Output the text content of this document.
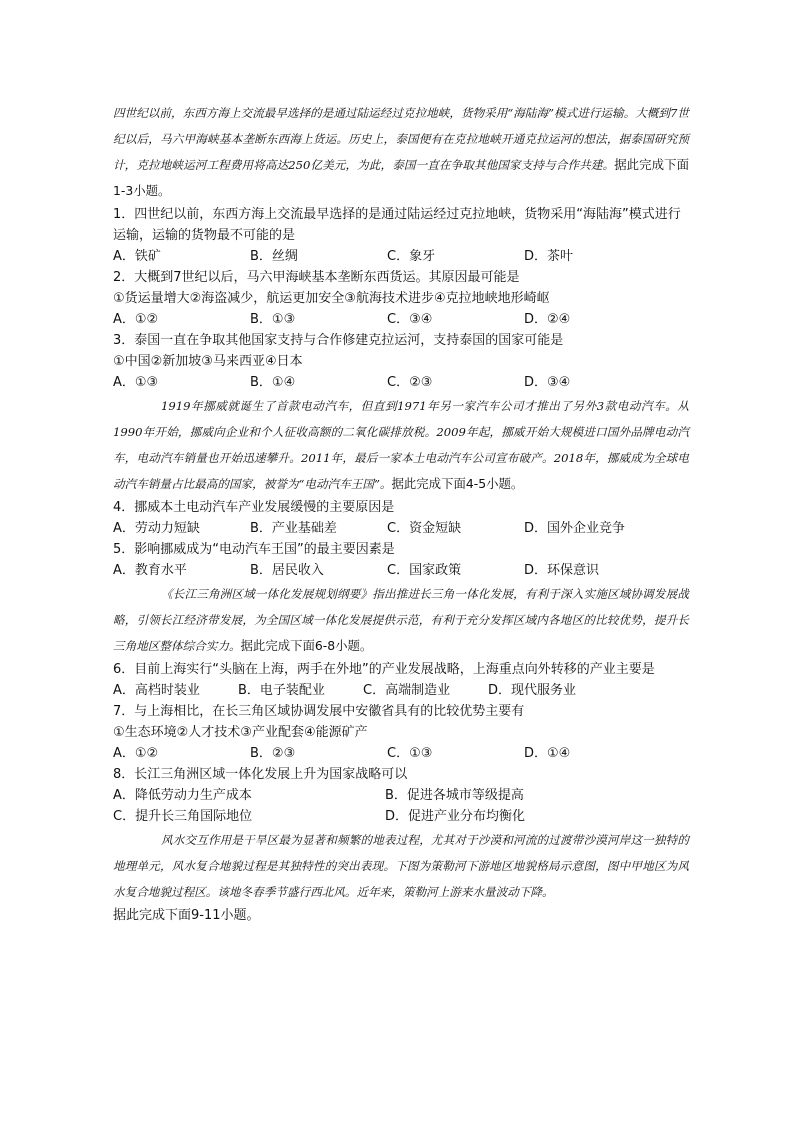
四世纪以前，东西方海上交流最早选择的是通过陆运经过克拉地峡，货物采用“海陆海”模式进行运输。大概到7世纪以后，马六甲海峡基本垄断东西海上货运。历史上，泰国便有在克拉地峡开通克拉运河的想法，据泰国研究预计，克拉地峡运河工程费用将高达250亿美元，为此，泰国一直在争取其他国家支持与合作共建。据此完成下面1-3小题。

1．四世纪以前，东西方海上交流最早选择的是通过陆运经过克拉地峡，货物采用“海陆海”模式进行运输，运输的货物最不可能的是

A．铁矿	B．丝绸	C．象牙	D．茶叶

2．大概到7世纪以后，马六甲海峡基本垄断东西货运。其原因最可能是

①货运量增大②海盗减少，航运更加安全③航海技术进步④克拉地峡地形崎岖

A．①②	B．①③	C．③④	D．②④

3．泰国一直在争取其他国家支持与合作修建克拉运河，支持泰国的国家可能是

①中国②新加坡③马来西亚④日本

A．①③	B．①④	C．②③	D．③④

1919年挪威就诞生了首款电动汽车，但直到1971年另一家汽车公司才推出了另外3款电动汽车。从1990年开始，挪威向企业和个人征收高额的二氧化碳排放税。2009年起，挪威开始大规模进口国外品牌电动汽车，电动汽车销量也开始迅速攀升。2011年，最后一家本土电动汽车公司宣布破产。2018年，挪威成为全球电动汽车销量占比最高的国家，被誉为“电动汽车王国”。据此完成下面4-5小题。

4．挪威本土电动汽车产业发展缓慢的主要原因是

A．劳动力短缺	B．产业基础差	C．资金短缺	D．国外企业竞争

5．影响挪威成为“电动汽车王国”的最主要因素是

A．教育水平	B．居民收入	C．国家政策	D．环保意识

《长江三角洲区域一体化发展规划纲要》指出推进长三角一体化发展，有利于深入实施区域协调发展战略，引领长江经济带发展，为全国区域一体化发展提供示范，有利于充分发挥区域内各地区的比较优势，提升长三角地区整体综合实力。据此完成下面6-8小题。

6．目前上海实行“头脑在上海，两手在外地”的产业发展战略，上海重点向外转移的产业主要是

A．高档时装业	B．电子装配业	C．高端制造业	D．现代服务业

7．与上海相比，在长三角区域协调发展中安徽省具有的比较优势主要有

①生态环境②人才技术③产业配套④能源矿产

A．①②	B．②③	C．①③	D．①④

8．长江三角洲区域一体化发展上升为国家战略可以

A．降低劳动力生产成本	B．促进各城市等级提高
C．提升长三角国际地位	D．促进产业分布均衡化

风水交互作用是干旱区最为显著和频繁的地表过程，尤其对于沙漠和河流的过渡带沙漠河岸这一独特的地理单元，风水复合地貌过程是其独特性的突出表现。下图为策勒河下游地区地貌格局示意图，图中甲地区为风水复合地貌过程区。该地冬春季节盛行西北风。近年来，策勒河上游来水量波动下降。

据此完成下面9-11小题。
